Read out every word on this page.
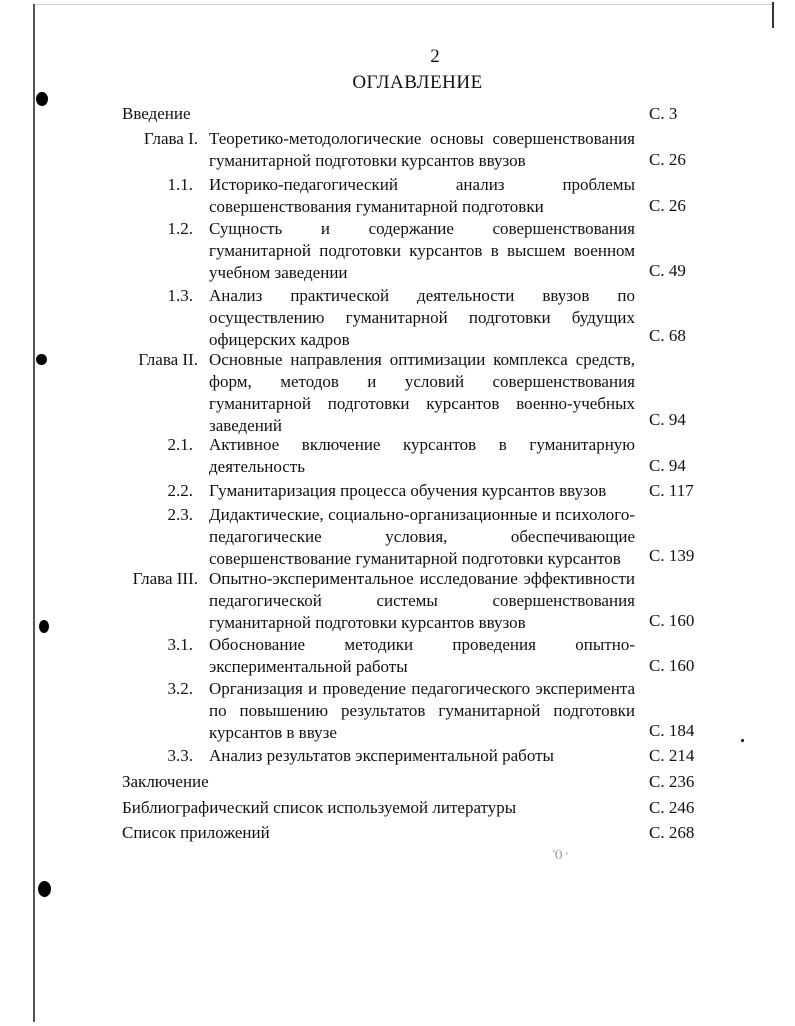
2
ОГЛАВЛЕНИЕ
Введение	С. 3
Глава I. Теоретико-методологические основы совершенствования гуманитарной подготовки курсантов ввузов	С. 26
1.1. Историко-педагогический анализ проблемы совершенствования гуманитарной подготовки	С. 26
1.2. Сущность и содержание совершенствования гуманитарной подготовки курсантов в высшем военном учебном заведении	С. 49
1.3. Анализ практической деятельности ввузов по осуществлению гуманитарной подготовки будущих офицерских кадров	С. 68
Глава II. Основные направления оптимизации комплекса средств, форм, методов и условий совершенствования гуманитарной подготовки курсантов военно-учебных заведений	С. 94
2.1. Активное включение курсантов в гуманитарную деятельность	С. 94
2.2. Гуманитаризация процесса обучения курсантов ввузов	С. 117
2.3. Дидактические, социально-организационные и психолого-педагогические условия, обеспечивающие совершенствование гуманитарной подготовки курсантов	С. 139
Глава III. Опытно-экспериментальное исследование эффективности педагогической системы совершенствования гуманитарной подготовки курсантов ввузов	С. 160
3.1. Обоснование методики проведения опытно-экспериментальной работы	С. 160
3.2. Организация и проведение педагогического эксперимента по повышению результатов гуманитарной подготовки курсантов в ввузе	С. 184
3.3. Анализ результатов экспериментальной работы	С. 214
Заключение	С. 236
Библиографический список используемой литературы	С. 246
Список приложений	С. 268
'() ·
